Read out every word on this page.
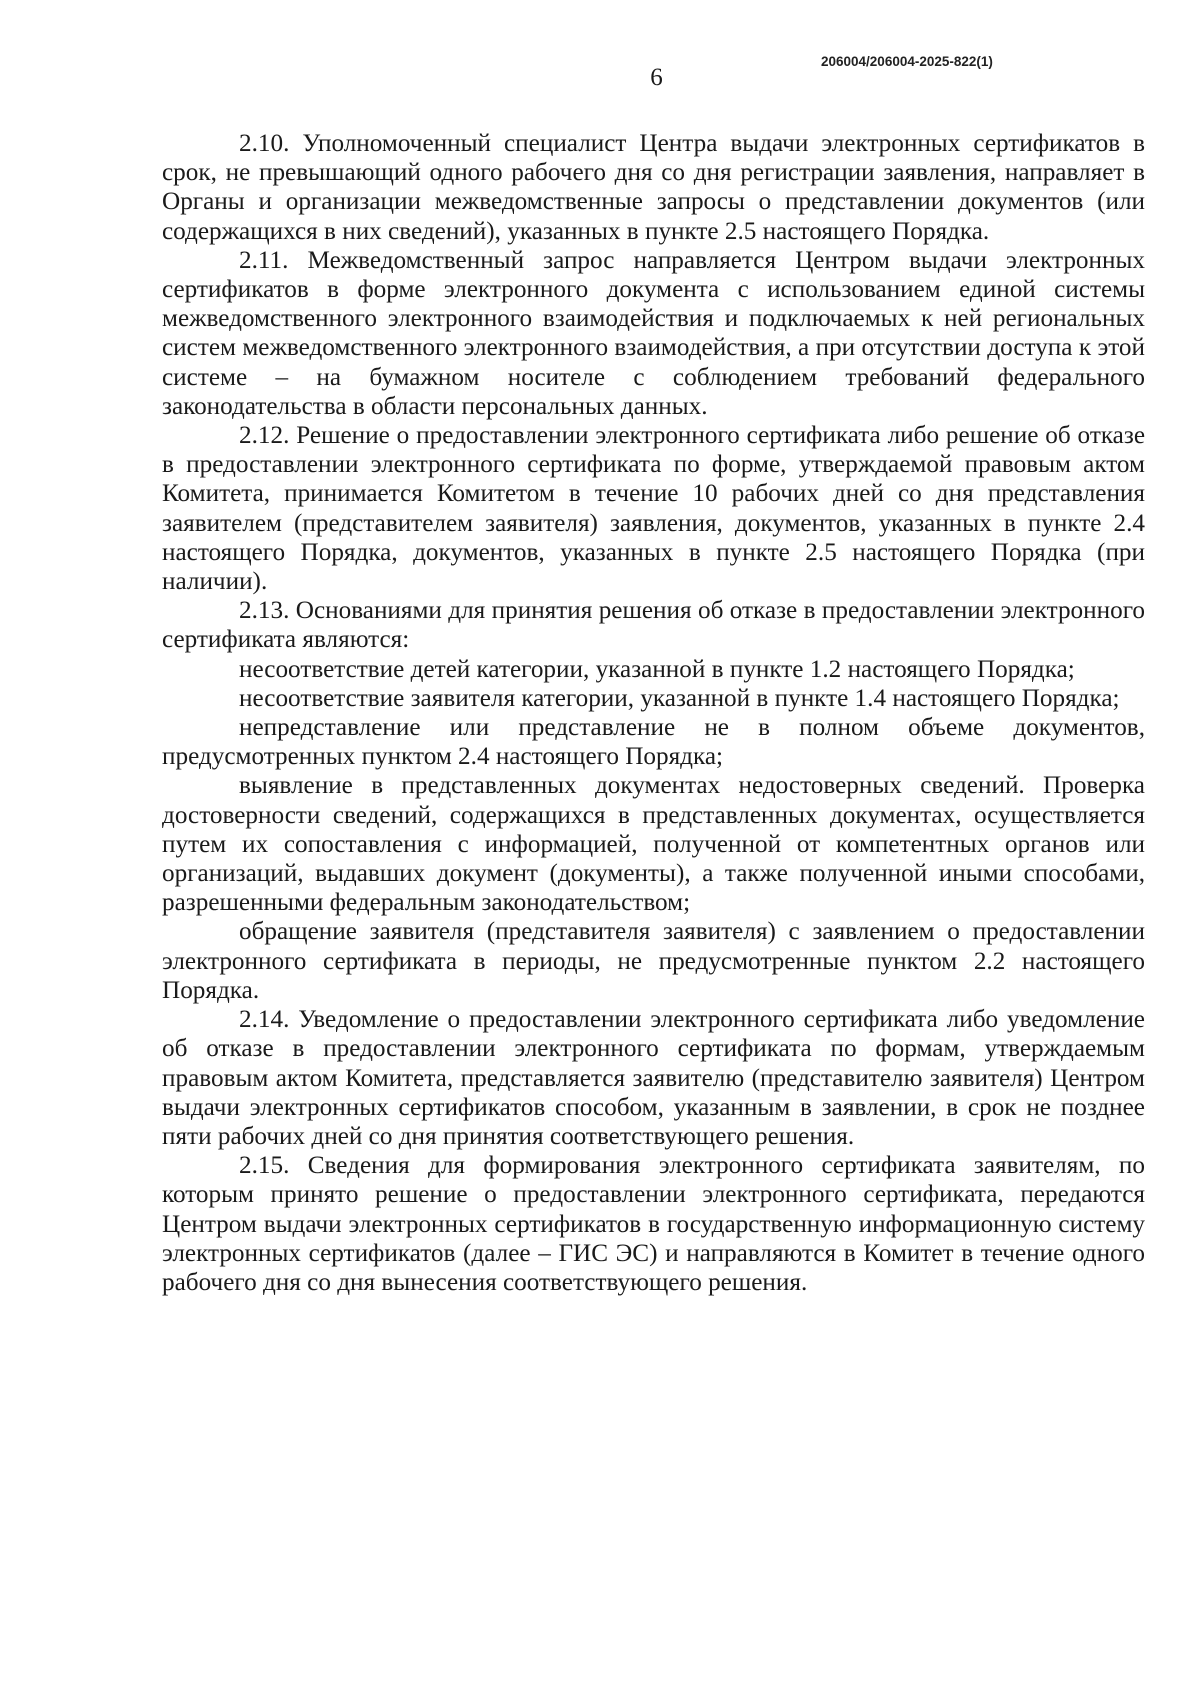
206004/206004-2025-822(1)
6

2.10. Уполномоченный специалист Центра выдачи электронных сертификатов в срок, не превышающий одного рабочего дня со дня регистрации заявления, направляет в Органы и организации межведомственные запросы о представлении документов (или содержащихся в них сведений), указанных в пункте 2.5 настоящего Порядка.

2.11. Межведомственный запрос направляется Центром выдачи электронных сертификатов в форме электронного документа с использованием единой системы межведомственного электронного взаимодействия и подключаемых к ней региональных систем межведомственного электронного взаимодействия, а при отсутствии доступа к этой системе – на бумажном носителе с соблюдением требований федерального законодательства в области персональных данных.

2.12. Решение о предоставлении электронного сертификата либо решение об отказе в предоставлении электронного сертификата по форме, утверждаемой правовым актом Комитета, принимается Комитетом в течение 10 рабочих дней со дня представления заявителем (представителем заявителя) заявления, документов, указанных в пункте 2.4 настоящего Порядка, документов, указанных в пункте 2.5 настоящего Порядка (при наличии).

2.13. Основаниями для принятия решения об отказе в предоставлении электронного сертификата являются:

несоответствие детей категории, указанной в пункте 1.2 настоящего Порядка;

несоответствие заявителя категории, указанной в пункте 1.4 настоящего Порядка;

непредставление или представление не в полном объеме документов, предусмотренных пунктом 2.4 настоящего Порядка;

выявление в представленных документах недостоверных сведений. Проверка достоверности сведений, содержащихся в представленных документах, осуществляется путем их сопоставления с информацией, полученной от компетентных органов или организаций, выдавших документ (документы), а также полученной иными способами, разрешенными федеральным законодательством;

обращение заявителя (представителя заявителя) с заявлением о предоставлении электронного сертификата в периоды, не предусмотренные пунктом 2.2 настоящего Порядка.

2.14. Уведомление о предоставлении электронного сертификата либо уведомление об отказе в предоставлении электронного сертификата по формам, утверждаемым правовым актом Комитета, представляется заявителю (представителю заявителя) Центром выдачи электронных сертификатов способом, указанным в заявлении, в срок не позднее пяти рабочих дней со дня принятия соответствующего решения.

2.15. Сведения для формирования электронного сертификата заявителям, по которым принято решение о предоставлении электронного сертификата, передаются Центром выдачи электронных сертификатов в государственную информационную систему электронных сертификатов (далее – ГИС ЭС) и направляются в Комитет в течение одного рабочего дня со дня вынесения соответствующего решения.
